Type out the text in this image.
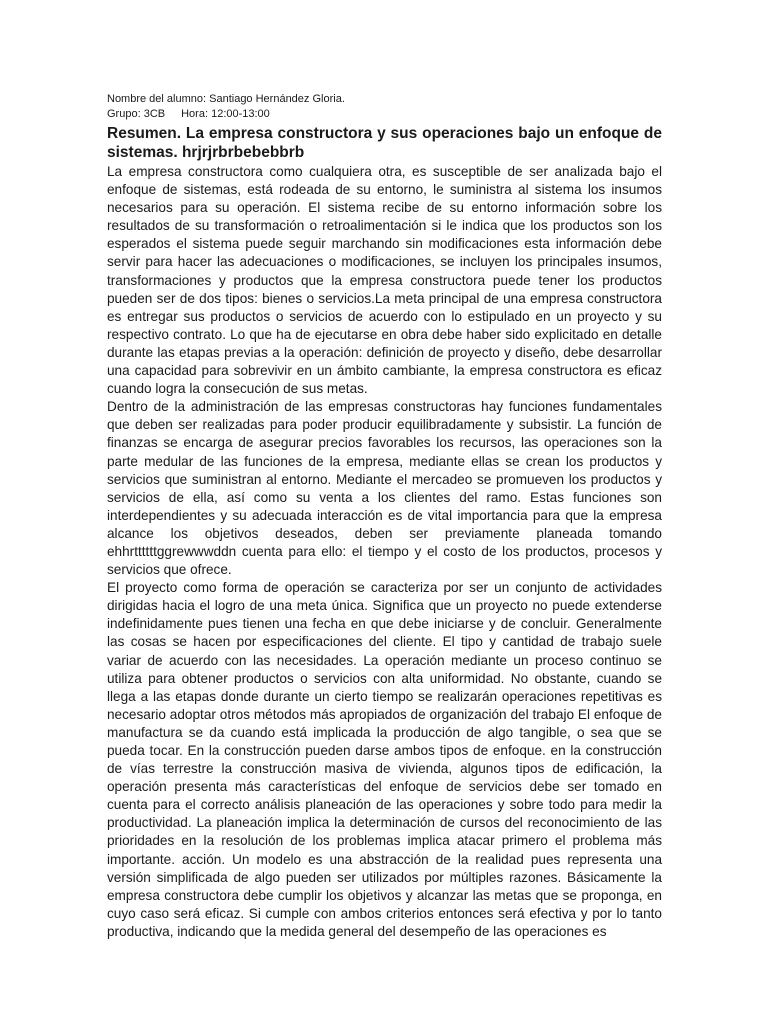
Nombre del alumno: Santiago Hernández Gloria.

Grupo: 3CB Hora: 12:00-13:00

Resumen. La empresa constructora y sus operaciones bajo un enfoque de sistemas. hrjrjrbrbebebbrb

La empresa constructora como cualquiera otra, es susceptible de ser analizada bajo el enfoque de sistemas, está rodeada de su entorno, le suministra al sistema los insumos necesarios para su operación. El sistema recibe de su entorno información sobre los resultados de su transformación o retroalimentación si le indica que los productos son los esperados el sistema puede seguir marchando sin modificaciones esta información debe servir para hacer las adecuaciones o modificaciones, se incluyen los principales insumos, transformaciones y productos que la empresa constructora puede tener los productos pueden ser de dos tipos: bienes o servicios.La meta principal de una empresa constructora es entregar sus productos o servicios de acuerdo con lo estipulado en un proyecto y su respectivo contrato. Lo que ha de ejecutarse en obra debe haber sido explicitado en detalle durante las etapas previas a la operación: definición de proyecto y diseño, debe desarrollar una capacidad para sobrevivir en un ámbito cambiante, la empresa constructora es eficaz cuando logra la consecución de sus metas.

Dentro de la administración de las empresas constructoras hay funciones fundamentales que deben ser realizadas para poder producir equilibradamente y subsistir. La función de finanzas se encarga de asegurar precios favorables los recursos, las operaciones son la parte medular de las funciones de la empresa, mediante ellas se crean los productos y servicios que suministran al entorno. Mediante el mercadeo se promueven los productos y servicios de ella, así como su venta a los clientes del ramo. Estas funciones son interdependientes y su adecuada interacción es de vital importancia para que la empresa alcance los objetivos deseados, deben ser previamente planeada tomando ehhrttttttggrewwwddn cuenta para ello: el tiempo y el costo de los productos, procesos y servicios que ofrece.

El proyecto como forma de operación se caracteriza por ser un conjunto de actividades dirigidas hacia el logro de una meta única. Significa que un proyecto no puede extenderse indefinidamente pues tienen una fecha en que debe iniciarse y de concluir. Generalmente las cosas se hacen por especificaciones del cliente. El tipo y cantidad de trabajo suele variar de acuerdo con las necesidades. La operación mediante un proceso continuo se utiliza para obtener productos o servicios con alta uniformidad. No obstante, cuando se llega a las etapas donde durante un cierto tiempo se realizarán operaciones repetitivas es necesario adoptar otros métodos más apropiados de organización del trabajo El enfoque de manufactura se da cuando está implicada la producción de algo tangible, o sea que se pueda tocar. En la construcción pueden darse ambos tipos de enfoque. en la construcción de vías terrestre la construcción masiva de vivienda, algunos tipos de edificación, la operación presenta más características del enfoque de servicios debe ser tomado en cuenta para el correcto análisis planeación de las operaciones y sobre todo para medir la productividad. La planeación implica la determinación de cursos del reconocimiento de las prioridades en la resolución de los problemas implica atacar primero el problema más importante. acción. Un modelo es una abstracción de la realidad pues representa una versión simplificada de algo pueden ser utilizados por múltiples razones. Básicamente la empresa constructora debe cumplir los objetivos y alcanzar las metas que se proponga, en cuyo caso será eficaz. Si cumple con ambos criterios entonces será efectiva y por lo tanto productiva, indicando que la medida general del desempeño de las operaciones es
